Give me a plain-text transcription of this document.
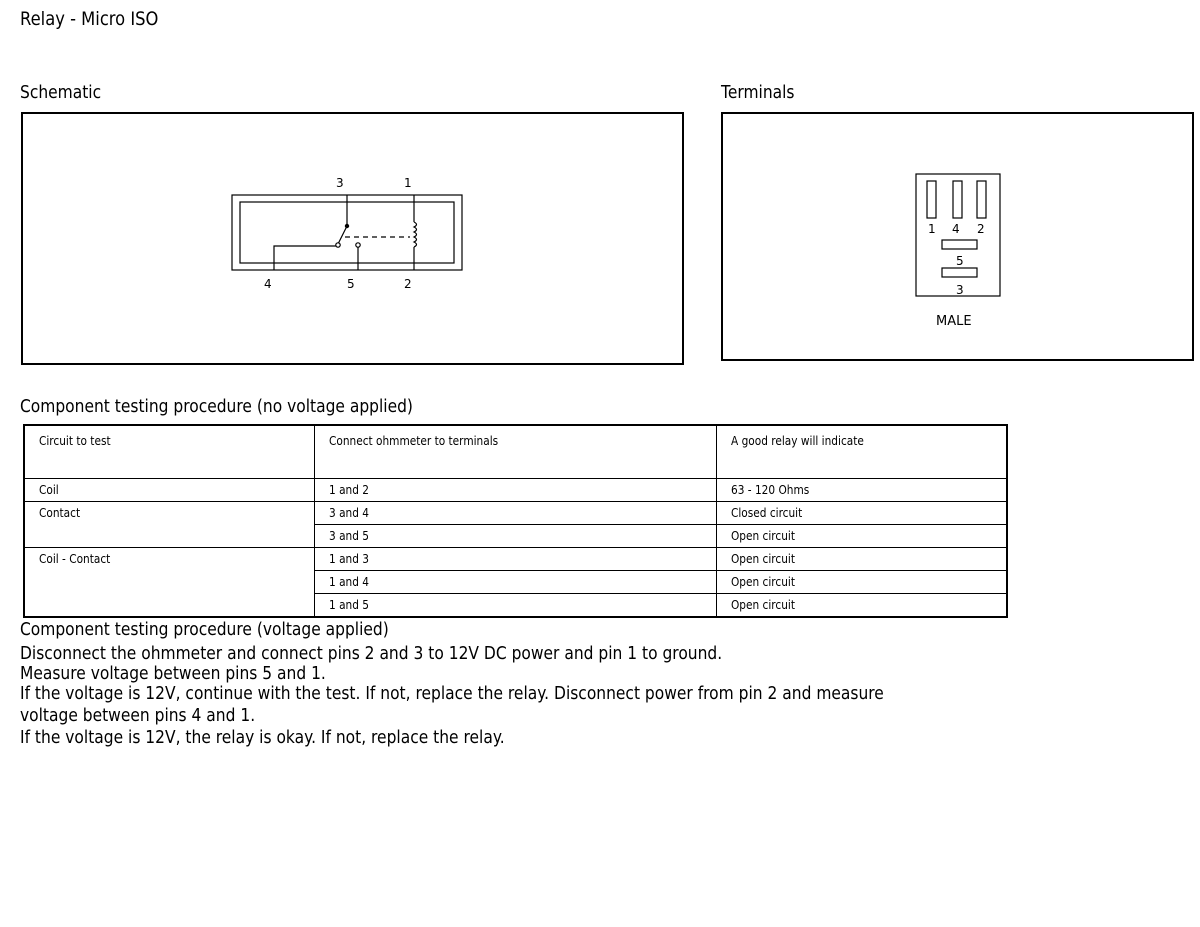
Relay - Micro ISO
Schematic
3	1
4	5	2
Terminals
1 4 2
5
3
MALE
Component testing procedure (no voltage applied)
Circuit to test	Connect ohmmeter to terminals	A good relay will indicate
Coil	1 and 2	63 - 120 Ohms
Contact	3 and 4	Closed circuit
	3 and 5	Open circuit
Coil - Contact	1 and 3	Open circuit
	1 and 4	Open circuit
	1 and 5	Open circuit
Component testing procedure (voltage applied)
Disconnect the ohmmeter and connect pins 2 and 3 to 12V DC power and pin 1 to ground.
Measure voltage between pins 5 and 1.
If the voltage is 12V, continue with the test. If not, replace the relay. Disconnect power from pin 2 and measure
voltage between pins 4 and 1.
If the voltage is 12V, the relay is okay. If not, replace the relay.
